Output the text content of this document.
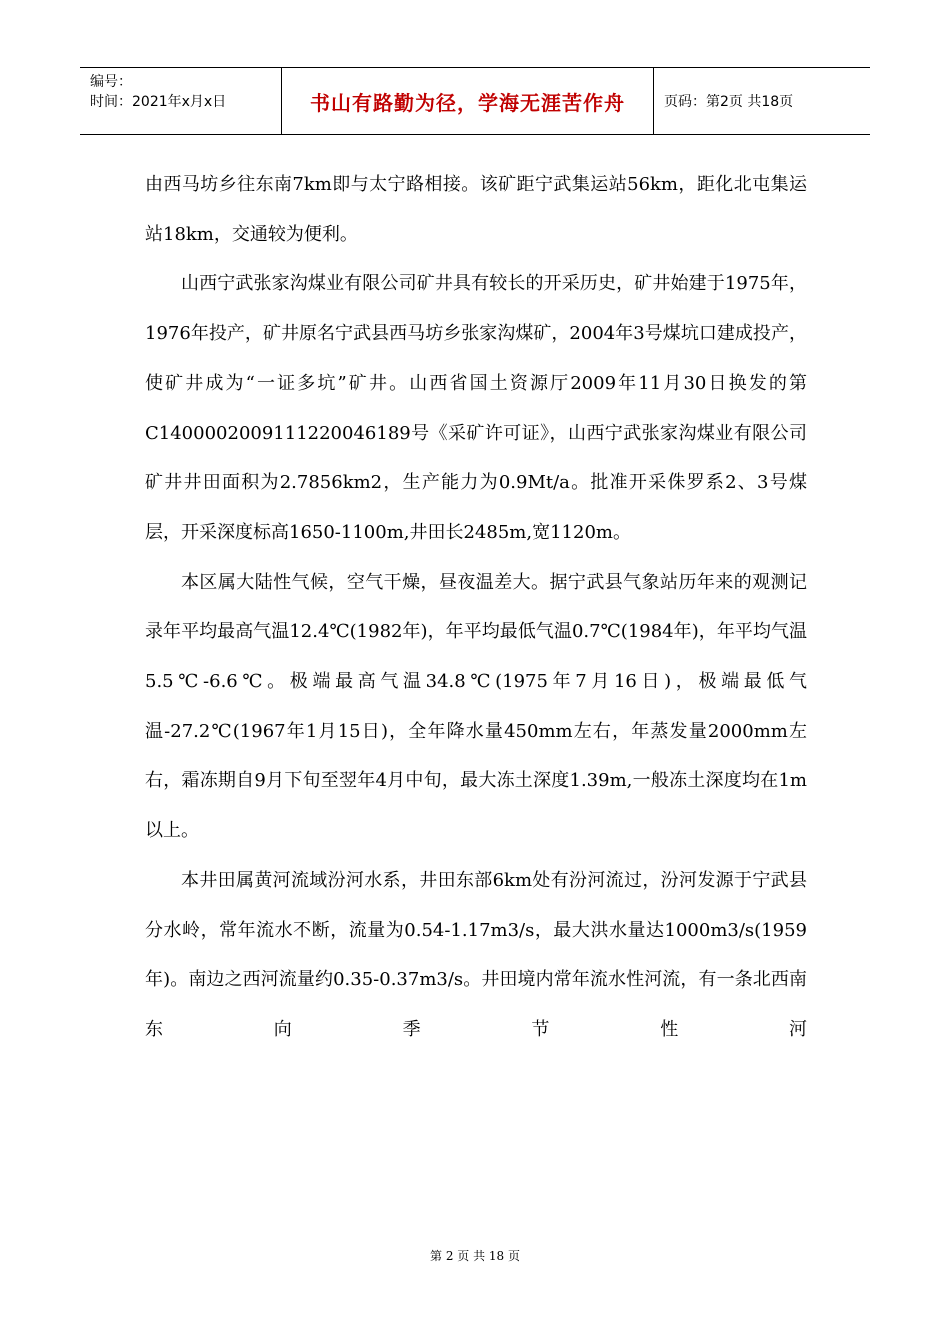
编号：
时间：2021年x月x日	书山有路勤为径，学海无涯苦作舟	页码：第2页 共18页

由西马坊乡往东南7km即与太宁路相接。该矿距宁武集运站56km，距化北屯集运站18km，交通较为便利。

山西宁武张家沟煤业有限公司矿井具有较长的开采历史，矿井始建于1975年，1976年投产，矿井原名宁武县西马坊乡张家沟煤矿，2004年3号煤坑口建成投产，使矿井成为“一证多坑”矿井。山西省国土资源厅2009年11月30日换发的第C140000200911122004618​9号《采矿许可证》，山西宁武张家沟煤业有限公司矿井井田面积为2.7856km2，生产能力为0.9Mt/a。批准开采侏罗系2、3号煤层，开采深度标高1650-1100m,井田长2485m,宽1120m。

本区属大陆性气候，空气干燥，昼夜温差大。据宁武县气象站历年来的观测记录年平均最高气温12.4℃(1982年)，年平均最低气温0.7℃(1984年)，年平均气温5.5℃-6.6℃。极端最高气温34.8℃(1975年7月16日)，极端最低气温-27.2℃(1967年1月15日)，全年降水量450mm左右，年蒸发量2000mm左右，霜冻期自9月下旬至翌年4月中旬，最大冻土深度1.39m,一般冻土深度均在1m以上。

本井田属黄河流域汾河水系，井田东部6km处有汾河流过，汾河发源于宁武县分水岭，常年流水不断，流量为0.54-1.17m3/s，最大洪水量达1000m3/s(1959年)。南边之西河流量约0.35-0.37m3/s。井田境内常年流水性河流，有一条北西南东向季节性河

第 2 页 共 18 页
